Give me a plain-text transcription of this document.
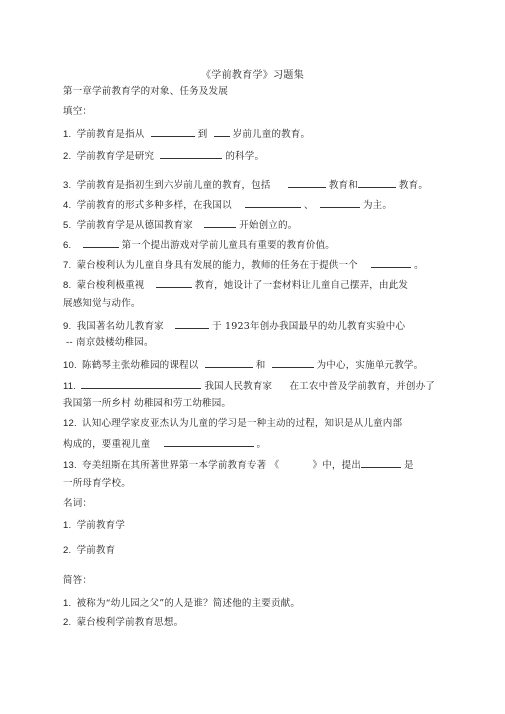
《学前教育学》习题集
第一章学前教育学的对象、任务及发展
填空：
1. 学前教育是指从	到	岁前儿童的教育。
2. 学前教育学是研究	的科学。
3. 学前教育是指初生到六岁前儿童的教育，包括	教育和	教育。
4. 学前教育的形式多种多样，在我国以	、	为主。
5. 学前教育学是从德国教育家	开始创立的。
6.	第一个提出游戏对学前儿童具有重要的教育价值。
7. 蒙台梭利认为儿童自身具有发展的能力，教师的任务在于提供一个	。
8. 蒙台梭利极重视	教育，她设计了一套材料让儿童自己摆弄，由此发
展感知觉与动作。
9. 我国著名幼儿教育家	于 1923年创办我国最早的幼儿教育实验中心
-- 南京鼓楼幼稚园。
10. 陈鹤琴主张幼稚园的课程以	和	为中心，实施单元教学。
11.	我国人民教育家 在工农中普及学前教育，并创办了
我国第一所乡村 幼稚园和劳工幼稚园。
12. 认知心理学家皮亚杰认为儿童的学习是一种主动的过程，知识是从儿童内部
构成的，要重视儿童	。
13. 夸美纽斯在其所著世界第一本学前教育专著 《	》中，提出	是
一所母育学校。
名词：
1. 学前教育学
2. 学前教育
简答：
1. 被称为“幼儿园之父”的人是谁？简述他的主要贡献。
2. 蒙台梭利学前教育思想。
